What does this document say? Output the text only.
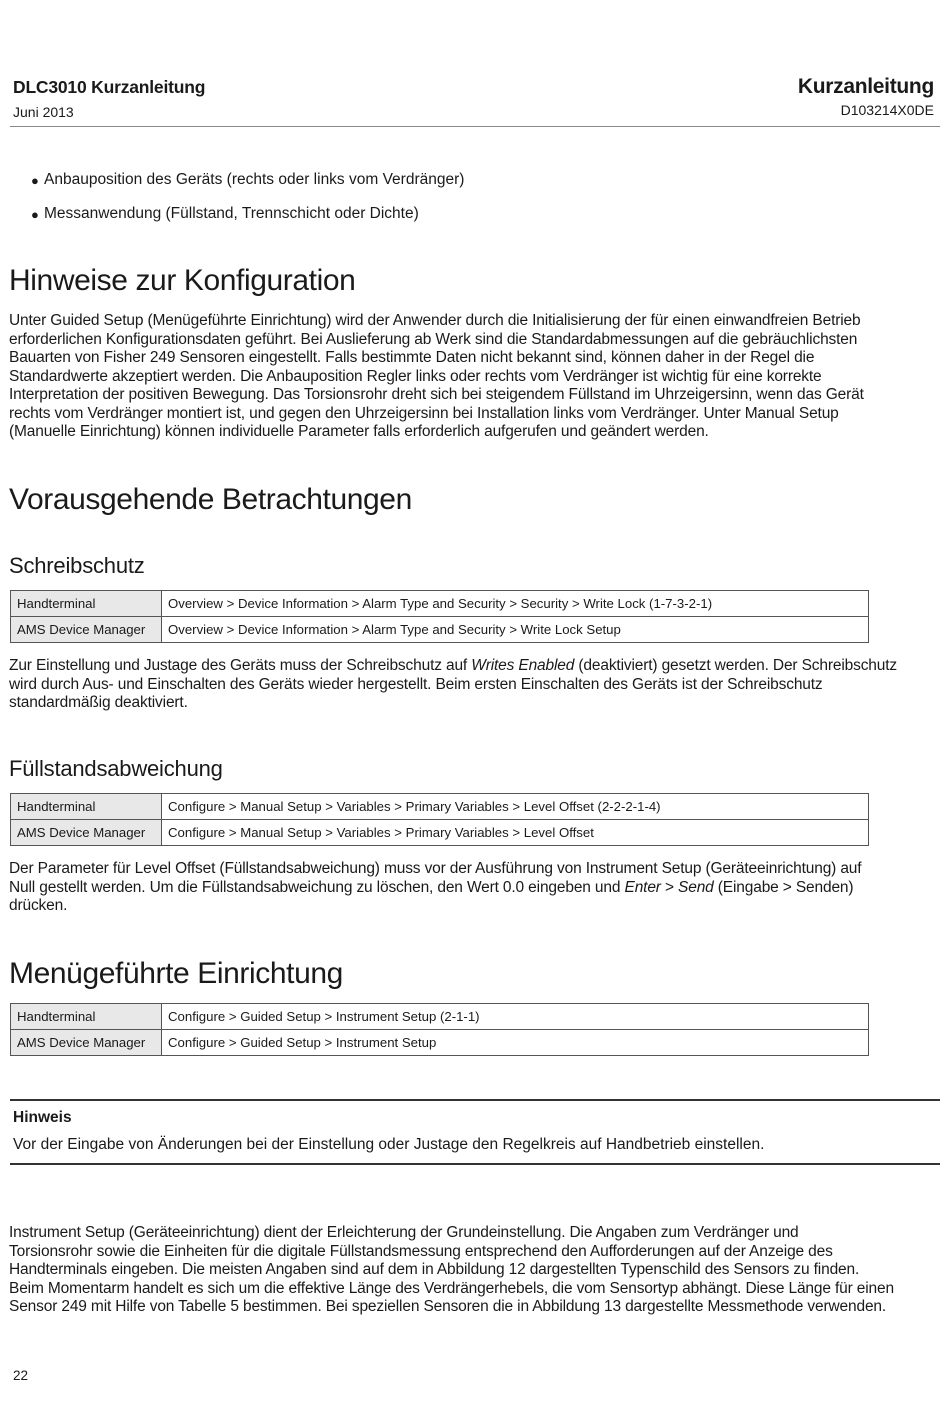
DLC3010 Kurzanleitung
Juni 2013
Kurzanleitung
D103214X0DE
● Anbauposition des Geräts (rechts oder links vom Verdränger)
● Messanwendung (Füllstand, Trennschicht oder Dichte)
Hinweise zur Konfiguration
Unter Guided Setup (Menügeführte Einrichtung) wird der Anwender durch die Initialisierung der für einen einwandfreien Betrieb
erforderlichen Konfigurationsdaten geführt. Bei Auslieferung ab Werk sind die Standardabmessungen auf die gebräuchlichsten
Bauarten von Fisher 249 Sensoren eingestellt. Falls bestimmte Daten nicht bekannt sind, können daher in der Regel die
Standardwerte akzeptiert werden. Die Anbauposition Regler links oder rechts vom Verdränger ist wichtig für eine korrekte
Interpretation der positiven Bewegung. Das Torsionsrohr dreht sich bei steigendem Füllstand im Uhrzeigersinn, wenn das Gerät
rechts vom Verdränger montiert ist, und gegen den Uhrzeigersinn bei Installation links vom Verdränger. Unter Manual Setup
(Manuelle Einrichtung) können individuelle Parameter falls erforderlich aufgerufen und geändert werden.
Vorausgehende Betrachtungen
Schreibschutz
Handterminal	Overview > Device Information > Alarm Type and Security > Security > Write Lock (1-7-3-2-1)
AMS Device Manager	Overview > Device Information > Alarm Type and Security > Write Lock Setup
Zur Einstellung und Justage des Geräts muss der Schreibschutz auf Writes Enabled (deaktiviert) gesetzt werden. Der Schreibschutz
wird durch Aus- und Einschalten des Geräts wieder hergestellt. Beim ersten Einschalten des Geräts ist der Schreibschutz
standardmäßig deaktiviert.
Füllstandsabweichung
Handterminal	Configure > Manual Setup > Variables > Primary Variables > Level Offset (2-2-2-1-4)
AMS Device Manager	Configure > Manual Setup > Variables > Primary Variables > Level Offset
Der Parameter für Level Offset (Füllstandsabweichung) muss vor der Ausführung von Instrument Setup (Geräteeinrichtung) auf
Null gestellt werden. Um die Füllstandsabweichung zu löschen, den Wert 0.0 eingeben und Enter > Send (Eingabe > Senden)
drücken.
Menügeführte Einrichtung
Handterminal	Configure > Guided Setup > Instrument Setup (2-1-1)
AMS Device Manager	Configure > Guided Setup > Instrument Setup
Hinweis
Vor der Eingabe von Änderungen bei der Einstellung oder Justage den Regelkreis auf Handbetrieb einstellen.
Instrument Setup (Geräteeinrichtung) dient der Erleichterung der Grundeinstellung. Die Angaben zum Verdränger und
Torsionsrohr sowie die Einheiten für die digitale Füllstandsmessung entsprechend den Aufforderungen auf der Anzeige des
Handterminals eingeben. Die meisten Angaben sind auf dem in Abbildung 12 dargestellten Typenschild des Sensors zu finden.
Beim Momentarm handelt es sich um die effektive Länge des Verdrängerhebels, die vom Sensortyp abhängt. Diese Länge für einen
Sensor 249 mit Hilfe von Tabelle 5 bestimmen. Bei speziellen Sensoren die in Abbildung 13 dargestellte Messmethode verwenden.
22
